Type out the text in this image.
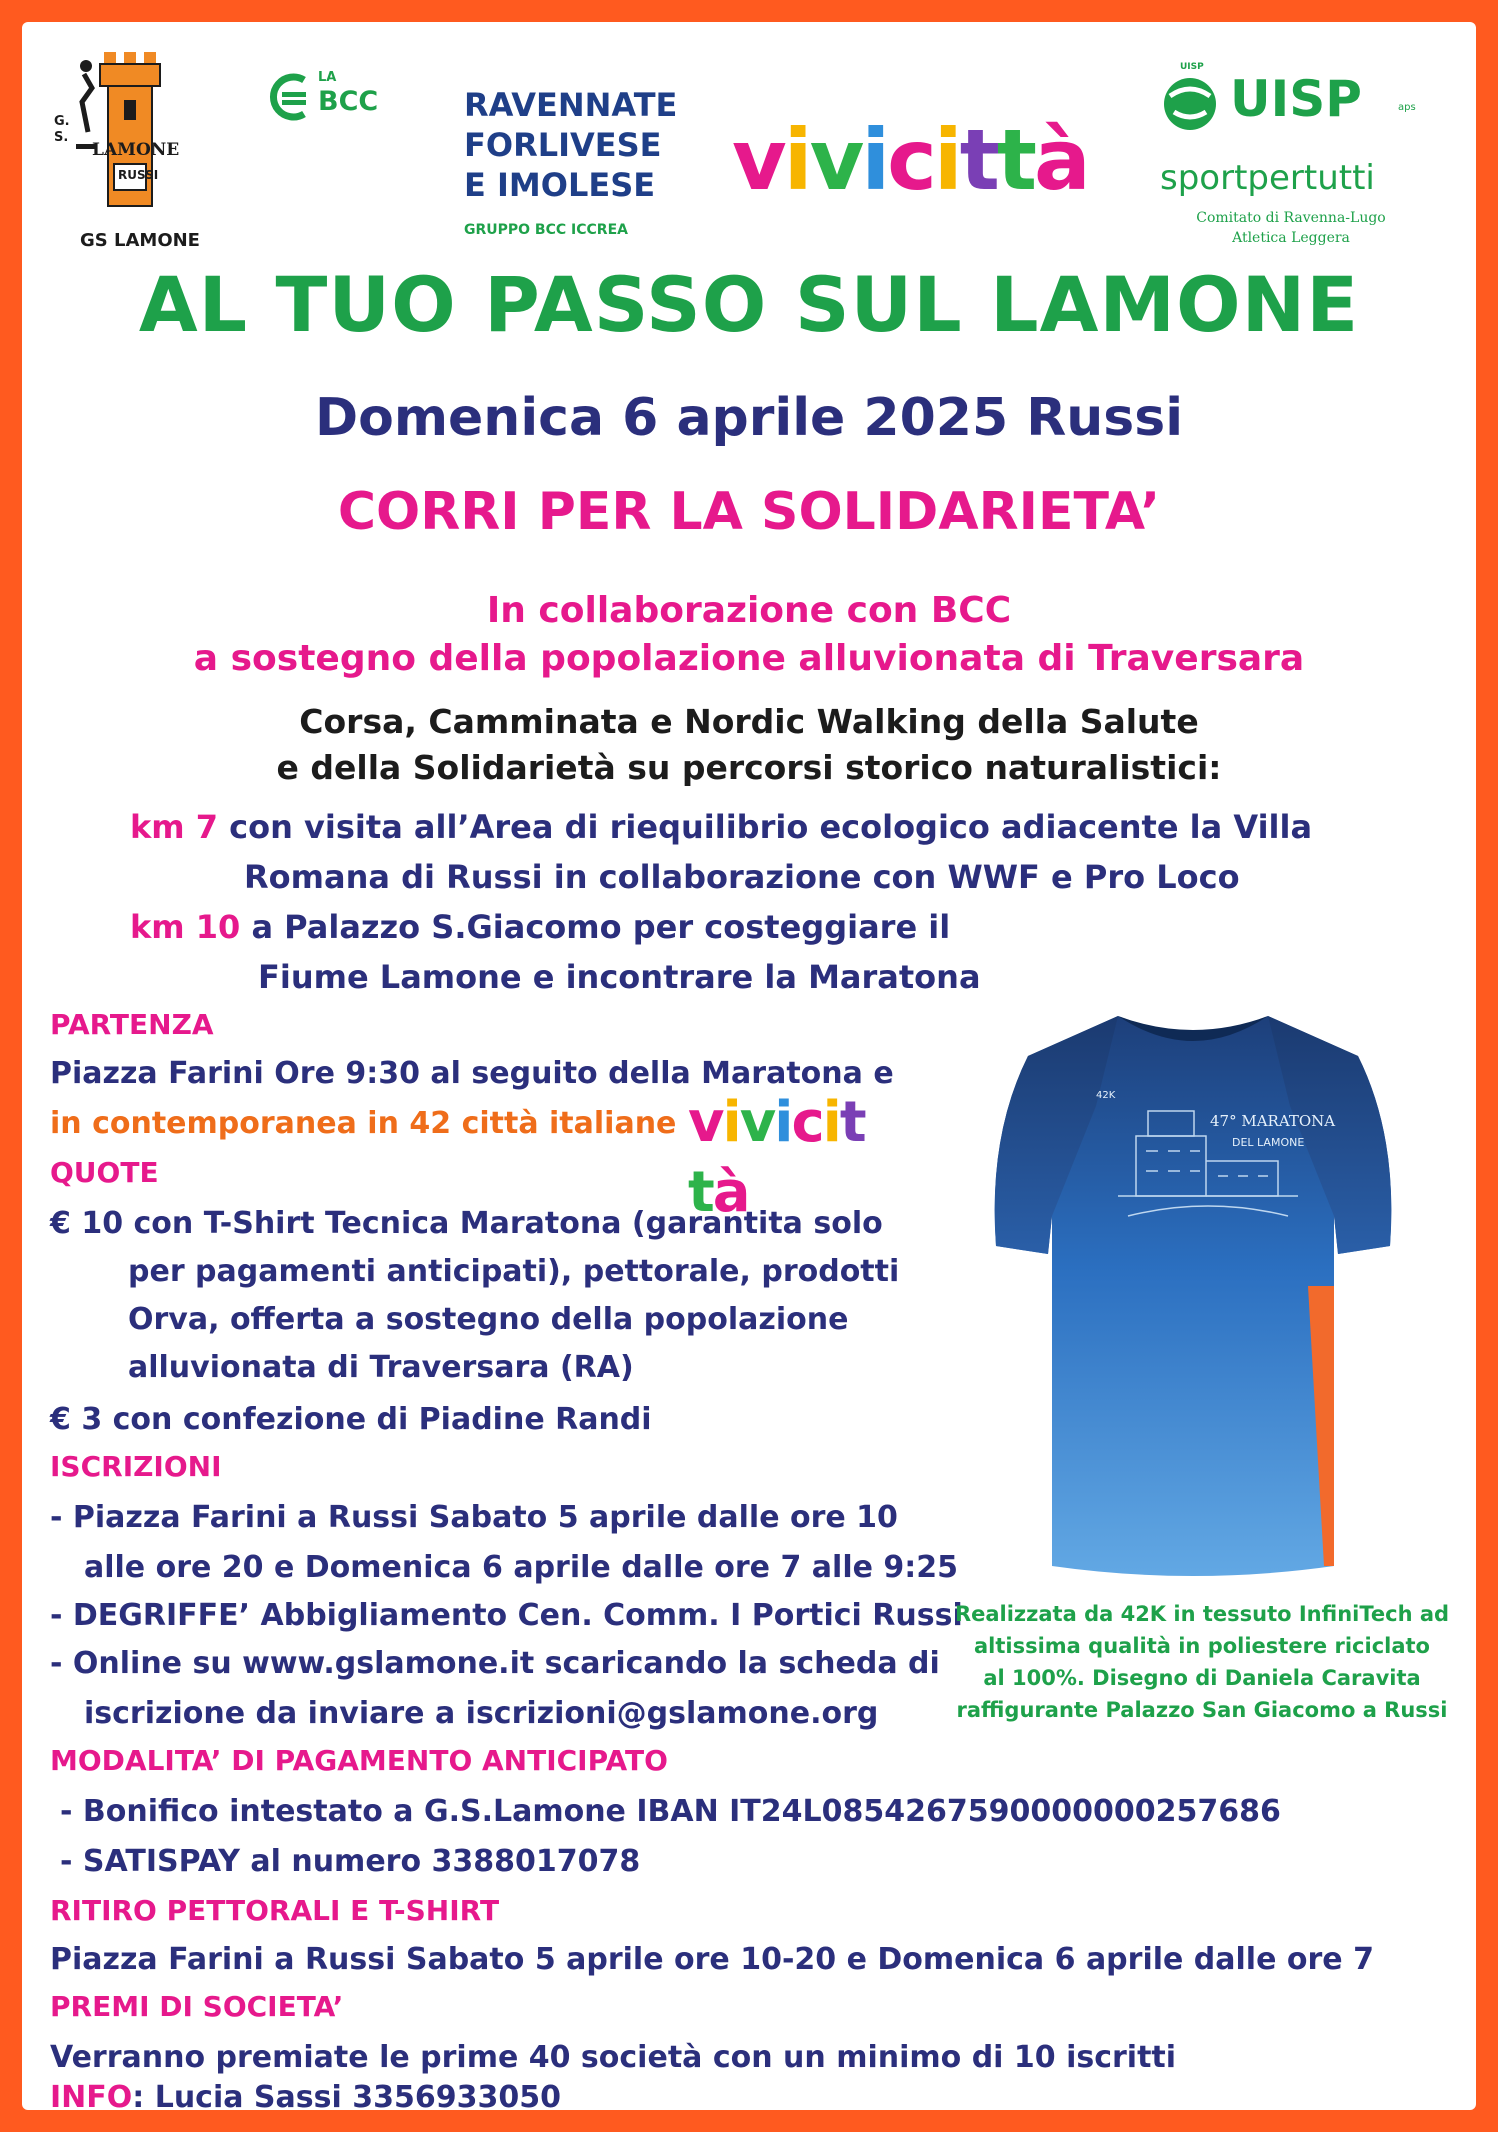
G. S.
LAMONE
RUSSI
GS LAMONE
LA
BCC	RAVENNATE
FORLIVESE
E IMOLESE
GRUPPO BCC ICCREA
vivicittà
UISP
UISP	aps
sportpertutti
Comitato di Ravenna-Lugo
Atletica Leggera
AL TUO PASSO SUL LAMONE
Domenica 6 aprile 2025 Russi
CORRI PER LA SOLIDARIETA’
In collaborazione con BCC
a sostegno della popolazione alluvionata di Traversara
Corsa, Camminata e Nordic Walking della Salute
e della Solidarietà su percorsi storico naturalistici:
km 7 con visita all’Area di riequilibrio ecologico adiacente la Villa
Romana di Russi in collaborazione con WWF e Pro Loco
km 10 a Palazzo S.Giacomo per costeggiare il
Fiume Lamone e incontrare la Maratona
PARTENZA
Piazza Farini Ore 9:30 al seguito della Maratona e
in contemporanea in 42 città italiane vivicittà
QUOTE
€ 10 con T-Shirt Tecnica Maratona (garantita solo
per pagamenti anticipati), pettorale, prodotti
Orva, offerta a sostegno della popolazione
alluvionata di Traversara (RA)
€ 3 con confezione di Piadine Randi
ISCRIZIONI
- Piazza Farini a Russi Sabato 5 aprile dalle ore 10
alle ore 20 e Domenica 6 aprile dalle ore 7 alle 9:25
- DEGRIFFE’ Abbigliamento Cen. Comm. I Portici Russi
- Online su www.gslamone.it scaricando la scheda di
iscrizione da inviare a iscrizioni@gslamone.org
MODALITA’ DI PAGAMENTO ANTICIPATO
- Bonifico intestato a G.S.Lamone IBAN IT24L0854267590000000257686
- SATISPAY al numero 3388017078
RITIRO PETTORALI E T-SHIRT
Piazza Farini a Russi Sabato 5 aprile ore 10-20 e Domenica 6 aprile dalle ore 7
PREMI DI SOCIETA’
Verranno premiate le prime 40 società con un minimo di 10 iscritti
INFO: Lucia Sassi 3356933050
47° MARATONA
DEL LAMONE
42K
Realizzata da 42K in tessuto InfiniTech ad
altissima qualità in poliestere riciclato
al 100%. Disegno di Daniela Caravita
raffigurante Palazzo San Giacomo a Russi
